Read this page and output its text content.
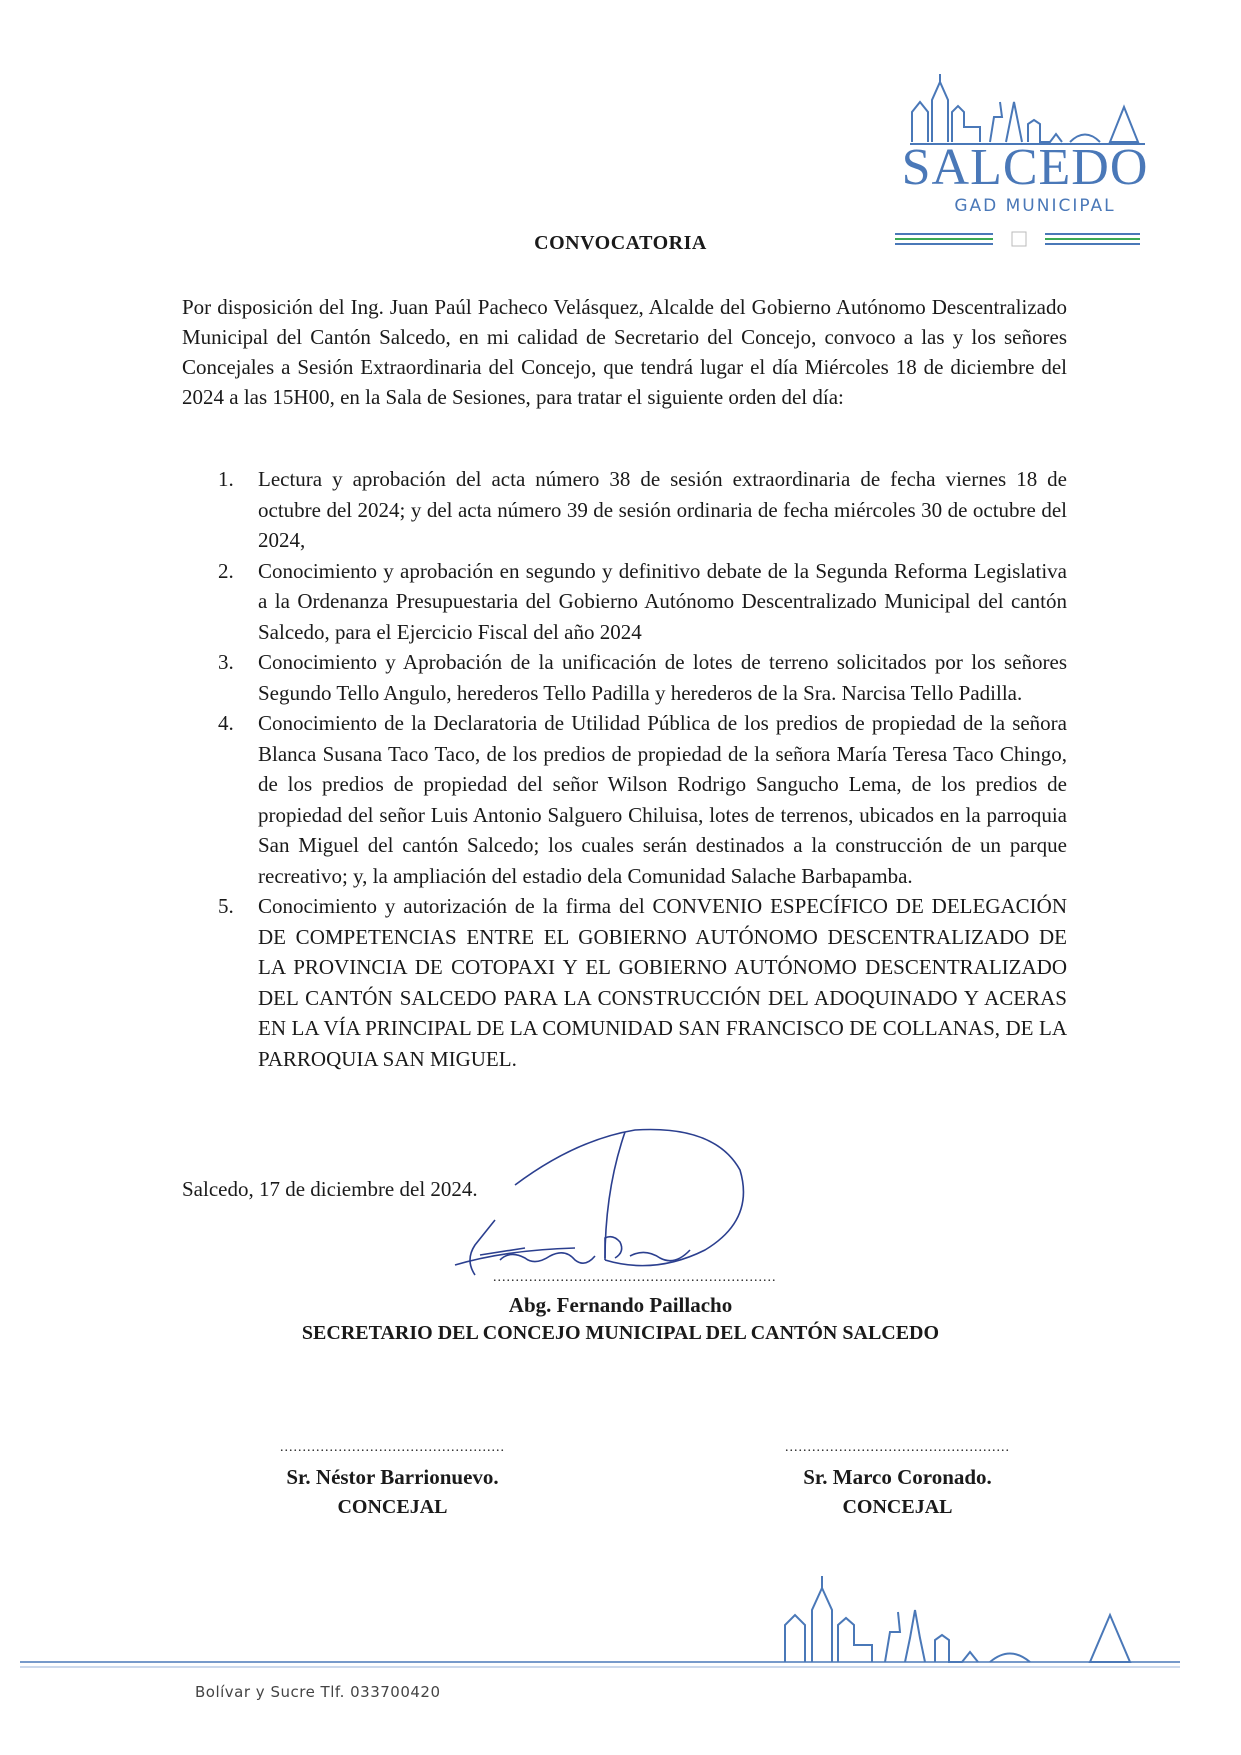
SALCEDO
GAD MUNICIPAL
CONVOCATORIA
Por disposición del Ing. Juan Paúl Pacheco Velásquez, Alcalde del Gobierno Autónomo Descentralizado Municipal del Cantón Salcedo, en mi calidad de Secretario del Concejo, convoco a las y los señores Concejales a Sesión Extraordinaria del Concejo, que tendrá lugar el día Miércoles 18 de diciembre del 2024 a las 15H00, en la Sala de Sesiones, para tratar el siguiente orden del día:
1. Lectura y aprobación del acta número 38 de sesión extraordinaria de fecha viernes 18 de octubre del 2024; y del acta número 39 de sesión ordinaria de fecha miércoles 30 de octubre del 2024,
2. Conocimiento y aprobación en segundo y definitivo debate de la Segunda Reforma Legislativa a la Ordenanza Presupuestaria del Gobierno Autónomo Descentralizado Municipal del cantón Salcedo, para el Ejercicio Fiscal del año 2024
3. Conocimiento y Aprobación de la unificación de lotes de terreno solicitados por los señores Segundo Tello Angulo, herederos Tello Padilla y herederos de la Sra. Narcisa Tello Padilla.
4. Conocimiento de la Declaratoria de Utilidad Pública de los predios de propiedad de la señora Blanca Susana Taco Taco, de los predios de propiedad de la señora María Teresa Taco Chingo, de los predios de propiedad del señor Wilson Rodrigo Sangucho Lema, de los predios de propiedad del señor Luis Antonio Salguero Chiluisa, lotes de terrenos, ubicados en la parroquia San Miguel del cantón Salcedo; los cuales serán destinados a la construcción de un parque recreativo; y, la ampliación del estadio dela Comunidad Salache Barbapamba.
5. Conocimiento y autorización de la firma del CONVENIO ESPECÍFICO DE DELEGACIÓN DE COMPETENCIAS ENTRE EL GOBIERNO AUTÓNOMO DESCENTRALIZADO DE LA PROVINCIA DE COTOPAXI Y EL GOBIERNO AUTÓNOMO DESCENTRALIZADO DEL CANTÓN SALCEDO PARA LA CONSTRUCCIÓN DEL ADOQUINADO Y ACERAS EN LA VÍA PRINCIPAL DE LA COMUNIDAD SAN FRANCISCO DE COLLANAS, DE LA PARROQUIA SAN MIGUEL.
Salcedo, 17 de diciembre del 2024.
...............................................................
Abg. Fernando Paillacho
SECRETARIO DEL CONCEJO MUNICIPAL DEL CANTÓN SALCEDO
..................................................
Sr. Néstor Barrionuevo.
CONCEJAL
..................................................
Sr. Marco Coronado.
CONCEJAL
Bolívar y Sucre Tlf. 033700420
